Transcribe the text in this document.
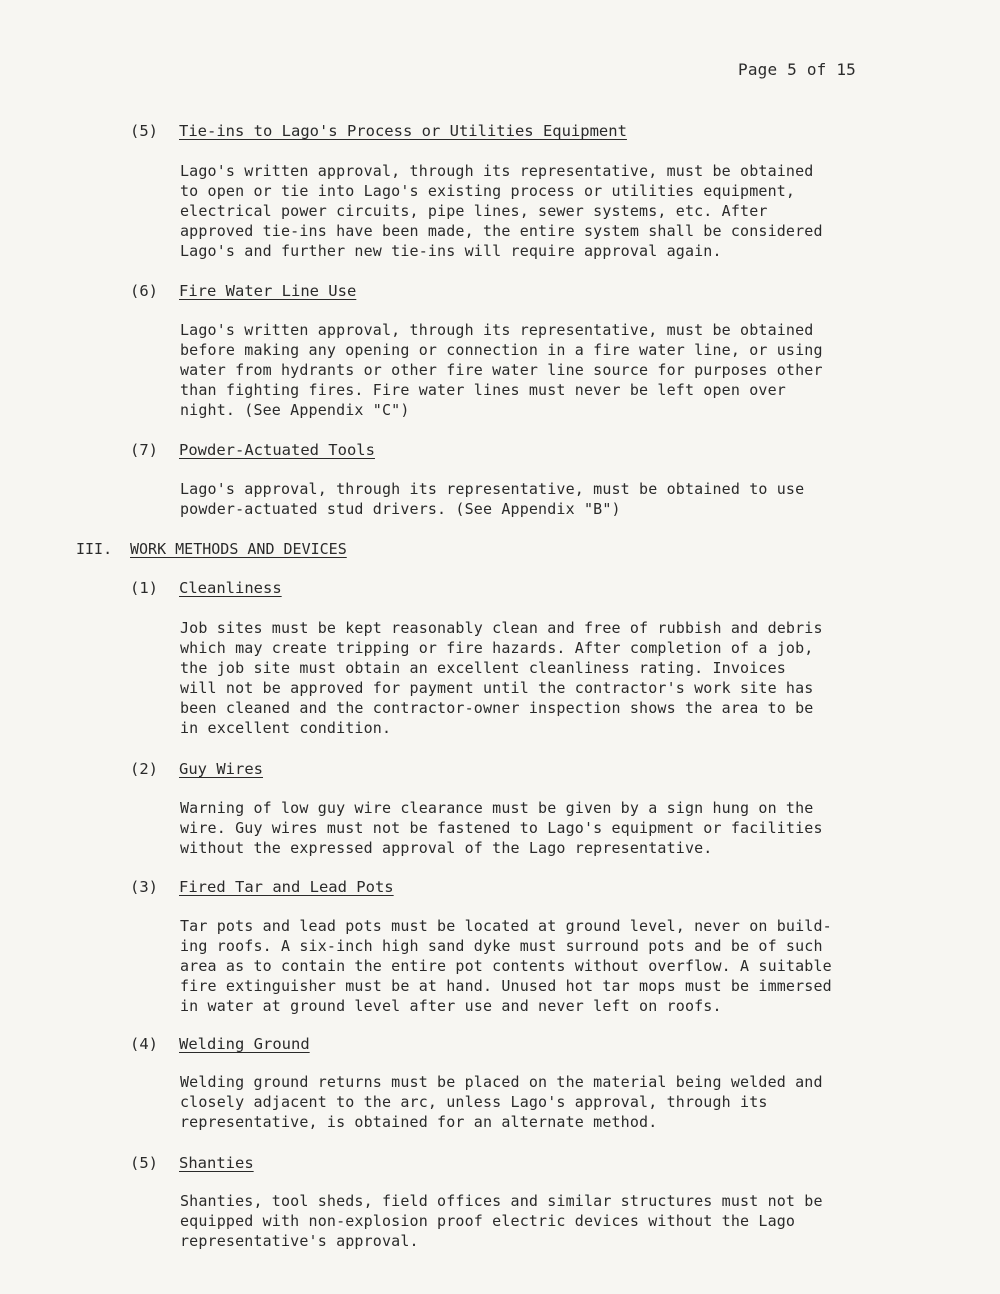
Page 5 of 15
(5) Tie-ins to Lago's Process or Utilities Equipment
Lago's written approval, through its representative, must be obtained
to open or tie into Lago's existing process or utilities equipment,
electrical power circuits, pipe lines, sewer systems, etc. After
approved tie-ins have been made, the entire system shall be considered
Lago's and further new tie-ins will require approval again.
(6) Fire Water Line Use
Lago's written approval, through its representative, must be obtained
before making any opening or connection in a fire water line, or using
water from hydrants or other fire water line source for purposes other
than fighting fires. Fire water lines must never be left open over
night. (See Appendix "C")
(7) Powder-Actuated Tools
Lago's approval, through its representative, must be obtained to use
powder-actuated stud drivers. (See Appendix "B")
III. WORK METHODS AND DEVICES
(1) Cleanliness
Job sites must be kept reasonably clean and free of rubbish and debris
which may create tripping or fire hazards. After completion of a job,
the job site must obtain an excellent cleanliness rating. Invoices
will not be approved for payment until the contractor's work site has
been cleaned and the contractor-owner inspection shows the area to be
in excellent condition.
(2) Guy Wires
Warning of low guy wire clearance must be given by a sign hung on the
wire. Guy wires must not be fastened to Lago's equipment or facilities
without the expressed approval of the Lago representative.
(3) Fired Tar and Lead Pots
Tar pots and lead pots must be located at ground level, never on build-
ing roofs. A six-inch high sand dyke must surround pots and be of such
area as to contain the entire pot contents without overflow. A suitable
fire extinguisher must be at hand. Unused hot tar mops must be immersed
in water at ground level after use and never left on roofs.
(4) Welding Ground
Welding ground returns must be placed on the material being welded and
closely adjacent to the arc, unless Lago's approval, through its
representative, is obtained for an alternate method.
(5) Shanties
Shanties, tool sheds, field offices and similar structures must not be
equipped with non-explosion proof electric devices without the Lago
representative's approval.
